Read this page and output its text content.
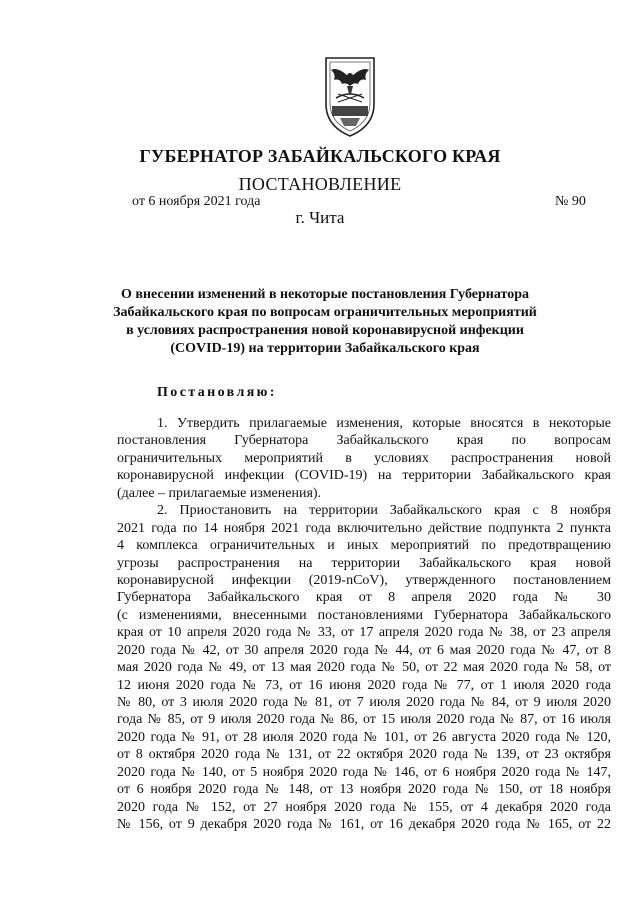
ГУБЕРНАТОР ЗАБАЙКАЛЬСКОГО КРАЯ
ПОСТАНОВЛЕНИЕ
от 6 ноября 2021 года	№ 90
г. Чита
О внесении изменений в некоторые постановления Губернатора
Забайкальского края по вопросам ограничительных мероприятий
в условиях распространения новой коронавирусной инфекции
(COVID-19) на территории Забайкальского края
Постановляю:
1. Утвердить прилагаемые изменения, которые вносятся в некоторые
постановления Губернатора Забайкальского края по вопросам
ограничительных мероприятий в условиях распространения новой
коронавирусной инфекции (COVID-19) на территории Забайкальского края
(далее – прилагаемые изменения).
2. Приостановить на территории Забайкальского края с 8 ноября
2021 года по 14 ноября 2021 года включительно действие подпункта 2 пункта
4 комплекса ограничительных и иных мероприятий по предотвращению
угрозы распространения на территории Забайкальского края новой
коронавирусной инфекции (2019-nCoV), утвержденного постановлением
Губернатора Забайкальского края от 8 апреля 2020 года № 30
(с изменениями, внесенными постановлениями Губернатора Забайкальского
края от 10 апреля 2020 года № 33, от 17 апреля 2020 года № 38, от 23 апреля
2020 года № 42, от 30 апреля 2020 года № 44, от 6 мая 2020 года № 47, от 8
мая 2020 года № 49, от 13 мая 2020 года № 50, от 22 мая 2020 года № 58, от
12 июня 2020 года № 73, от 16 июня 2020 года № 77, от 1 июля 2020 года
№ 80, от 3 июля 2020 года № 81, от 7 июля 2020 года № 84, от 9 июля 2020
года № 85, от 9 июля 2020 года № 86, от 15 июля 2020 года № 87, от 16 июля
2020 года № 91, от 28 июля 2020 года № 101, от 26 августа 2020 года № 120,
от 8 октября 2020 года № 131, от 22 октября 2020 года № 139, от 23 октября
2020 года № 140, от 5 ноября 2020 года № 146, от 6 ноября 2020 года № 147,
от 6 ноября 2020 года № 148, от 13 ноября 2020 года № 150, от 18 ноября
2020 года № 152, от 27 ноября 2020 года № 155, от 4 декабря 2020 года
№ 156, от 9 декабря 2020 года № 161, от 16 декабря 2020 года № 165, от 22
